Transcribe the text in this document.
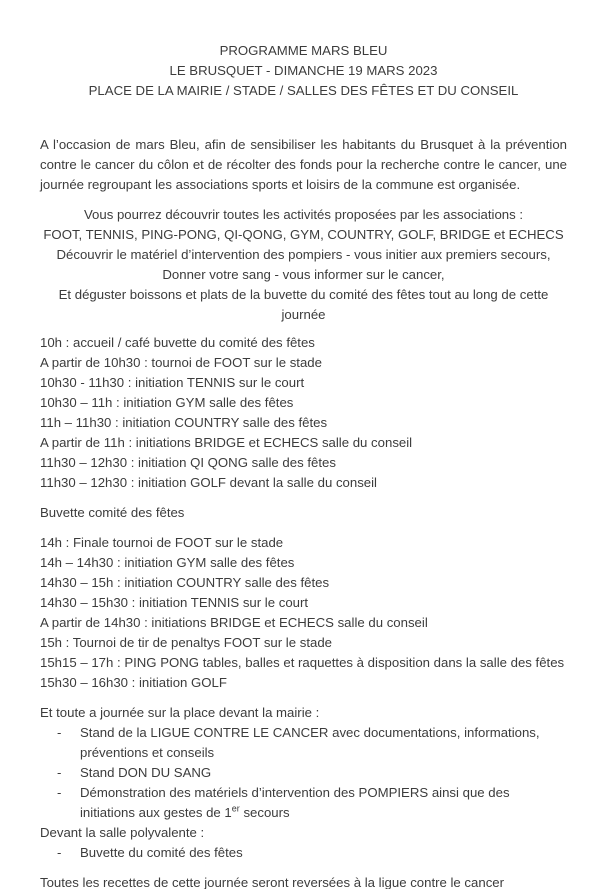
PROGRAMME MARS BLEU
LE BRUSQUET - DIMANCHE 19 MARS 2023
PLACE DE LA MAIRIE / STADE / SALLES DES FÊTES ET DU CONSEIL

A l’occasion de mars Bleu, afin de sensibiliser les habitants du Brusquet à la prévention contre le cancer du côlon et de récolter des fonds pour la recherche contre le cancer, une journée regroupant les associations sports et loisirs de la commune est organisée.

Vous pourrez découvrir toutes les activités proposées par les associations :
FOOT, TENNIS, PING-PONG, QI-QONG, GYM, COUNTRY, GOLF, BRIDGE et ECHECS
Découvrir le matériel d’intervention des pompiers - vous initier aux premiers secours,
Donner votre sang - vous informer sur le cancer,
Et déguster boissons et plats de la buvette du comité des fêtes tout au long de cette journée
10h : accueil / café buvette du comité des fêtes
A partir de 10h30 : tournoi de FOOT sur le stade
10h30 - 11h30 : initiation TENNIS sur le court
10h30 – 11h : initiation GYM salle des fêtes
11h – 11h30 : initiation COUNTRY salle des fêtes
A partir de 11h : initiations BRIDGE et ECHECS salle du conseil
11h30 – 12h30 : initiation QI QONG salle des fêtes
11h30 – 12h30 : initiation GOLF devant la salle du conseil
Buvette comité des fêtes
14h : Finale tournoi de FOOT sur le stade
14h – 14h30 : initiation GYM salle des fêtes
14h30 – 15h : initiation COUNTRY salle des fêtes
14h30 – 15h30 : initiation TENNIS sur le court
A partir de 14h30 : initiations BRIDGE et ECHECS salle du conseil
15h : Tournoi de tir de penaltys FOOT sur le stade
15h15 – 17h : PING PONG tables, balles et raquettes à disposition dans la salle des fêtes
15h30 – 16h30 : initiation GOLF
Et toute a journée sur la place devant la mairie :
-	Stand de la LIGUE CONTRE LE CANCER avec documentations, informations, préventions et conseils
-	Stand DON DU SANG
-	Démonstration des matériels d’intervention des POMPIERS ainsi que des initiations aux gestes de 1er secours
Devant la salle polyvalente :
-	Buvette du comité des fêtes
Toutes les recettes de cette journée seront reversées à la ligue contre le cancer
